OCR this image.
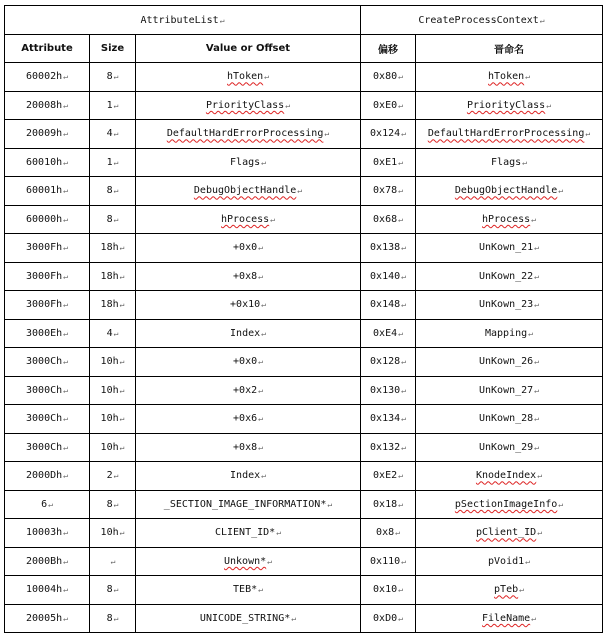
AttributeList↵			CreateProcessContext↵	
Attribute	Size	Value or Offset	偏移	晋命名
60002h↵	8↵	hToken↵	0x80↵	hToken↵
20008h↵	1↵	PriorityClass↵	0xE0↵	PriorityClass↵
20009h↵	4↵	DefaultHardErrorProcessing↵	0x124↵	DefaultHardErrorProcessing↵
60010h↵	1↵	Flags↵	0xE1↵	Flags↵
60001h↵	8↵	DebugObjectHandle↵	0x78↵	DebugObjectHandle↵
60000h↵	8↵	hProcess↵	0x68↵	hProcess↵
3000Fh↵	18h↵	+0x0↵	0x138↵	UnKown_21↵
3000Fh↵	18h↵	+0x8↵	0x140↵	UnKown_22↵
3000Fh↵	18h↵	+0x10↵	0x148↵	UnKown_23↵
3000Eh↵	4↵	Index↵	0xE4↵	Mapping↵
3000Ch↵	10h↵	+0x0↵	0x128↵	UnKown_26↵
3000Ch↵	10h↵	+0x2↵	0x130↵	UnKown_27↵
3000Ch↵	10h↵	+0x6↵	0x134↵	UnKown_28↵
3000Ch↵	10h↵	+0x8↵	0x132↵	UnKown_29↵
2000Dh↵	2↵	Index↵	0xE2↵	KnodeIndex↵
6↵	8↵	_SECTION_IMAGE_INFORMATION*↵	0x18↵	pSectionImageInfo↵
10003h↵	10h↵	CLIENT_ID*↵	0x8↵	pClient_ID↵
2000Bh↵	↵	Unkown*↵	0x110↵	pVoid1↵
10004h↵	8↵	TEB*↵	0x10↵	pTeb↵
20005h↵	8↵	UNICODE_STRING*↵	0xD0↵	FileName↵
